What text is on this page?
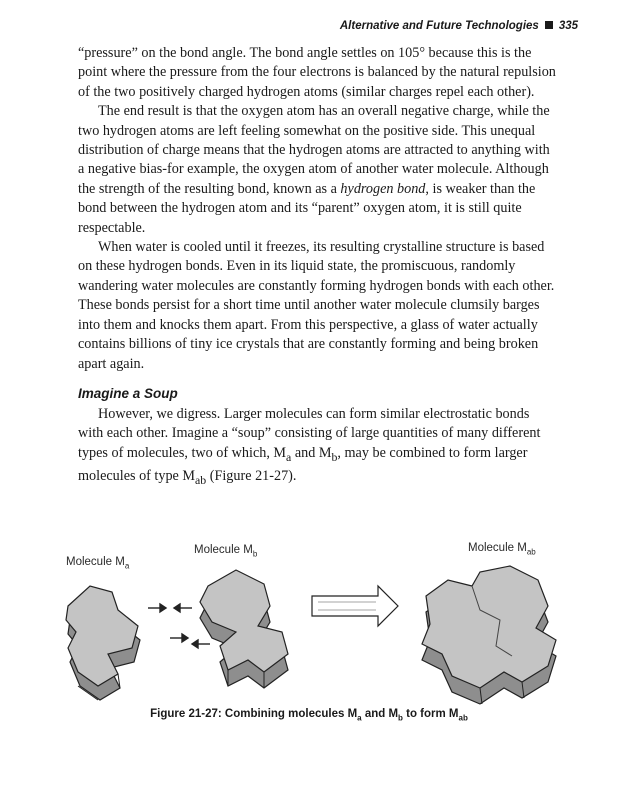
Alternative and Future Technologies 335

“pressure” on the bond angle. The bond angle settles on 105° because this is the point where the pressure from the four electrons is balanced by the natural repulsion of the two positively charged hydrogen atoms (similar charges repel each other).

The end result is that the oxygen atom has an overall negative charge, while the two hydrogen atoms are left feeling somewhat on the positive side. This unequal distribution of charge means that the hydrogen atoms are attracted to anything with a negative bias-for example, the oxygen atom of another water molecule. Although the strength of the resulting bond, known as a hydrogen bond, is weaker than the bond between the hydrogen atom and its “parent” oxygen atom, it is still quite respectable.

When water is cooled until it freezes, its resulting crystalline structure is based on these hydrogen bonds. Even in its liquid state, the promiscuous, randomly wandering water molecules are constantly forming hydrogen bonds with each other. These bonds persist for a short time until another water molecule clumsily barges into them and knocks them apart. From this perspective, a glass of water actually contains billions of tiny ice crystals that are constantly forming and being broken apart again.

Imagine a Soup

However, we digress. Larger molecules can form similar electrostatic bonds with each other. Imagine a “soup” consisting of large quantities of many different types of molecules, two of which, $M_a$ and $M_b$, may be combined to form larger molecules of type $M_{ab}$ (Figure 21-27).

Molecule $M_a$
Molecule $M_b$	Molecule $M_{ab}$
Figure 21-27: Combining molecules $M_a$ and $M_b$ to form $M_{ab}$
